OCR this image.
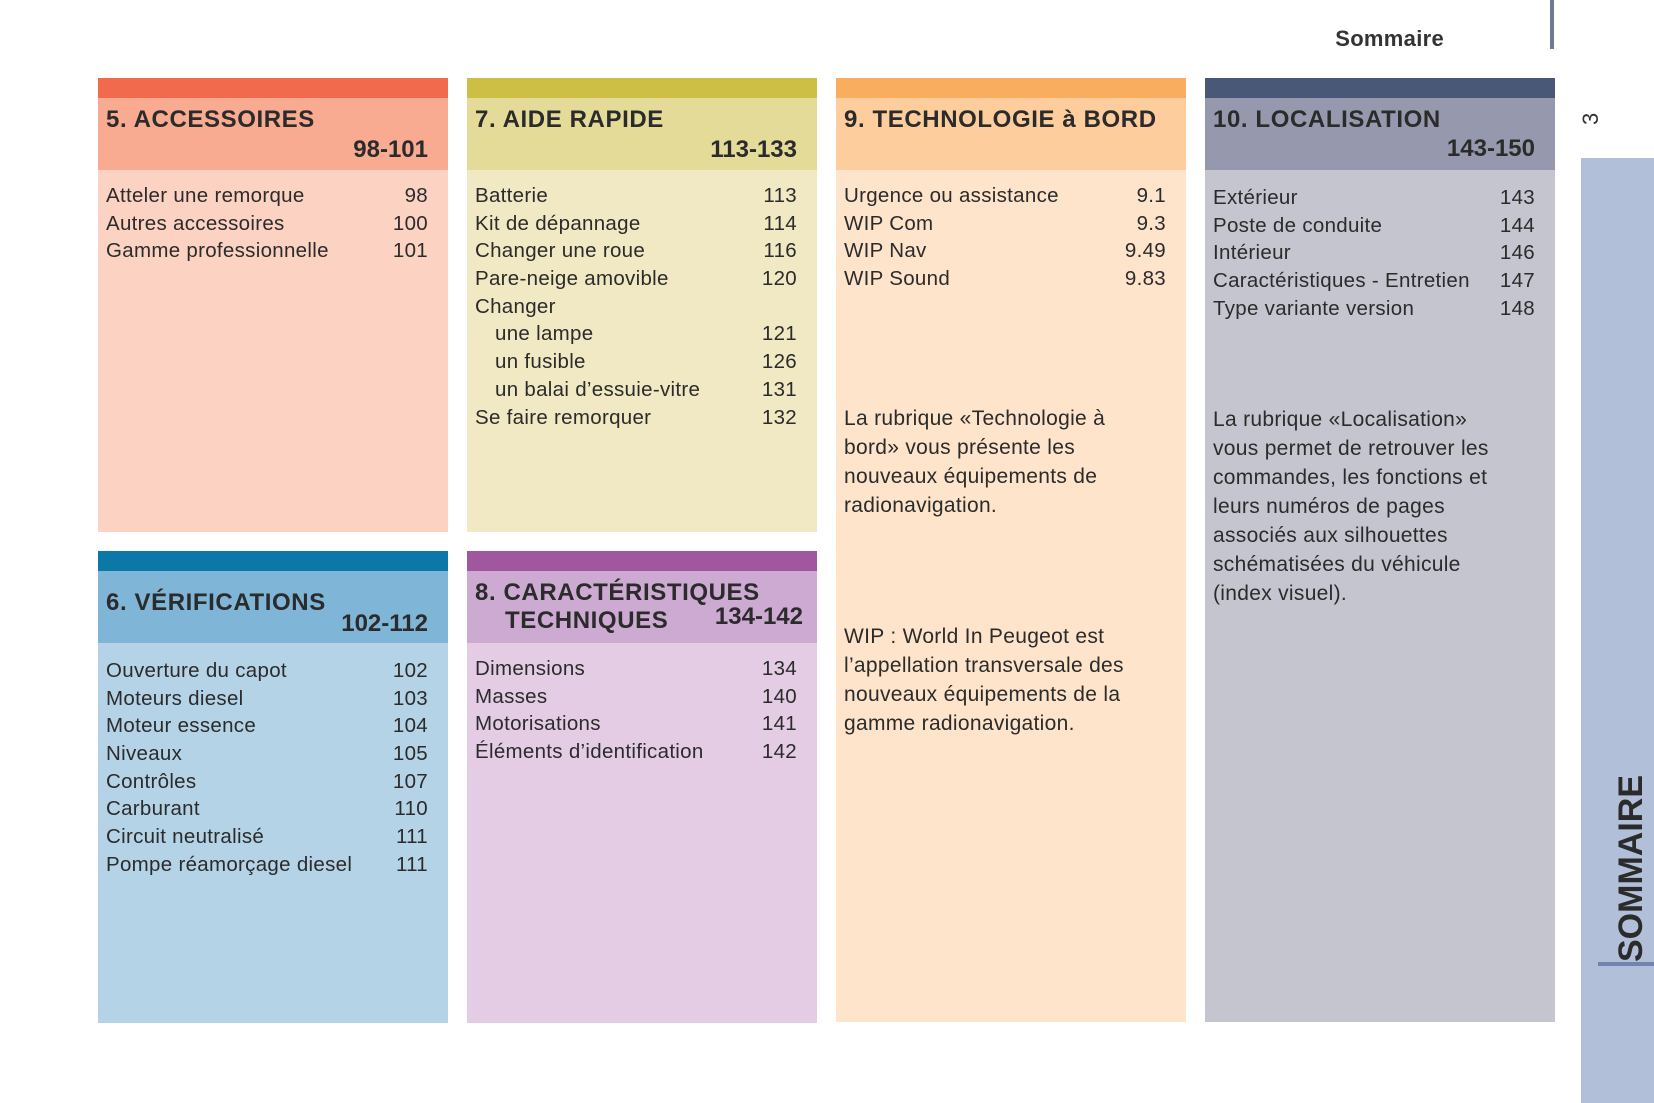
Sommaire
3
SOMMAIRE
5. ACCESSOIRES
98-101
Atteler une remorque	98
Autres accessoires	100
Gamme professionnelle	101
7. AIDE RAPIDE
113-133
Batterie	113
Kit de dépannage	114
Changer une roue	116
Pare-neige amovible	120
Changer
une lampe	121
un fusible	126
un balai d’essuie-vitre	131
Se faire remorquer	132
9. TECHNOLOGIE à BORD
Urgence ou assistance	9.1
WIP Com	9.3
WIP Nav	9.49
WIP Sound	9.83
La rubrique «Technologie à bord» vous présente les nouveaux équipements de radionavigation.
WIP : World In Peugeot est l’appellation transversale des nouveaux équipements de la gamme radionavigation.
10. LOCALISATION
143-150
Extérieur	143
Poste de conduite	144
Intérieur	146
Caractéristiques - Entretien 147
Type variante version	148
La rubrique «Localisation» vous permet de retrouver les commandes, les fonctions et leurs numéros de pages associés aux silhouettes schématisées du véhicule (index visuel).
6. VÉRIFICATIONS
102-112
Ouverture du capot	102
Moteurs diesel	103
Moteur essence	104
Niveaux	105
Contrôles	107
Carburant	110
Circuit neutralisé	111
Pompe réamorçage diesel 111
8. CARACTÉRISTIQUES
TECHNIQUES	134-142
Dimensions	134
Masses	140
Motorisations	141
Éléments d’identification	142
